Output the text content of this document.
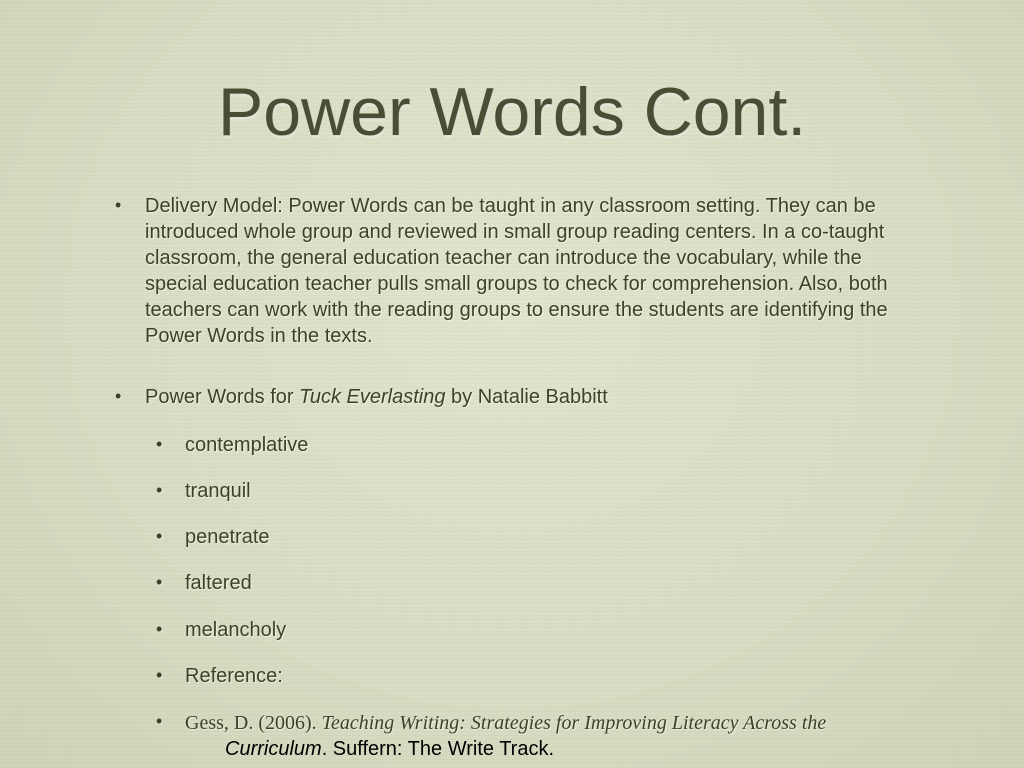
Power Words Cont.
• Delivery Model: Power Words can be taught in any classroom setting. They can be introduced whole group and reviewed in small group reading centers. In a co-taught classroom, the general education teacher can introduce the vocabulary, while the special education teacher pulls small groups to check for comprehension. Also, both teachers can work with the reading groups to ensure the students are identifying the Power Words in the texts.
• Power Words for Tuck Everlasting by Natalie Babbitt
• contemplative
• tranquil
• penetrate
• faltered
• melancholy
• Reference:
• Gess, D. (2006). Teaching Writing: Strategies for Improving Literacy Across the
Curriculum. Suffern: The Write Track.
